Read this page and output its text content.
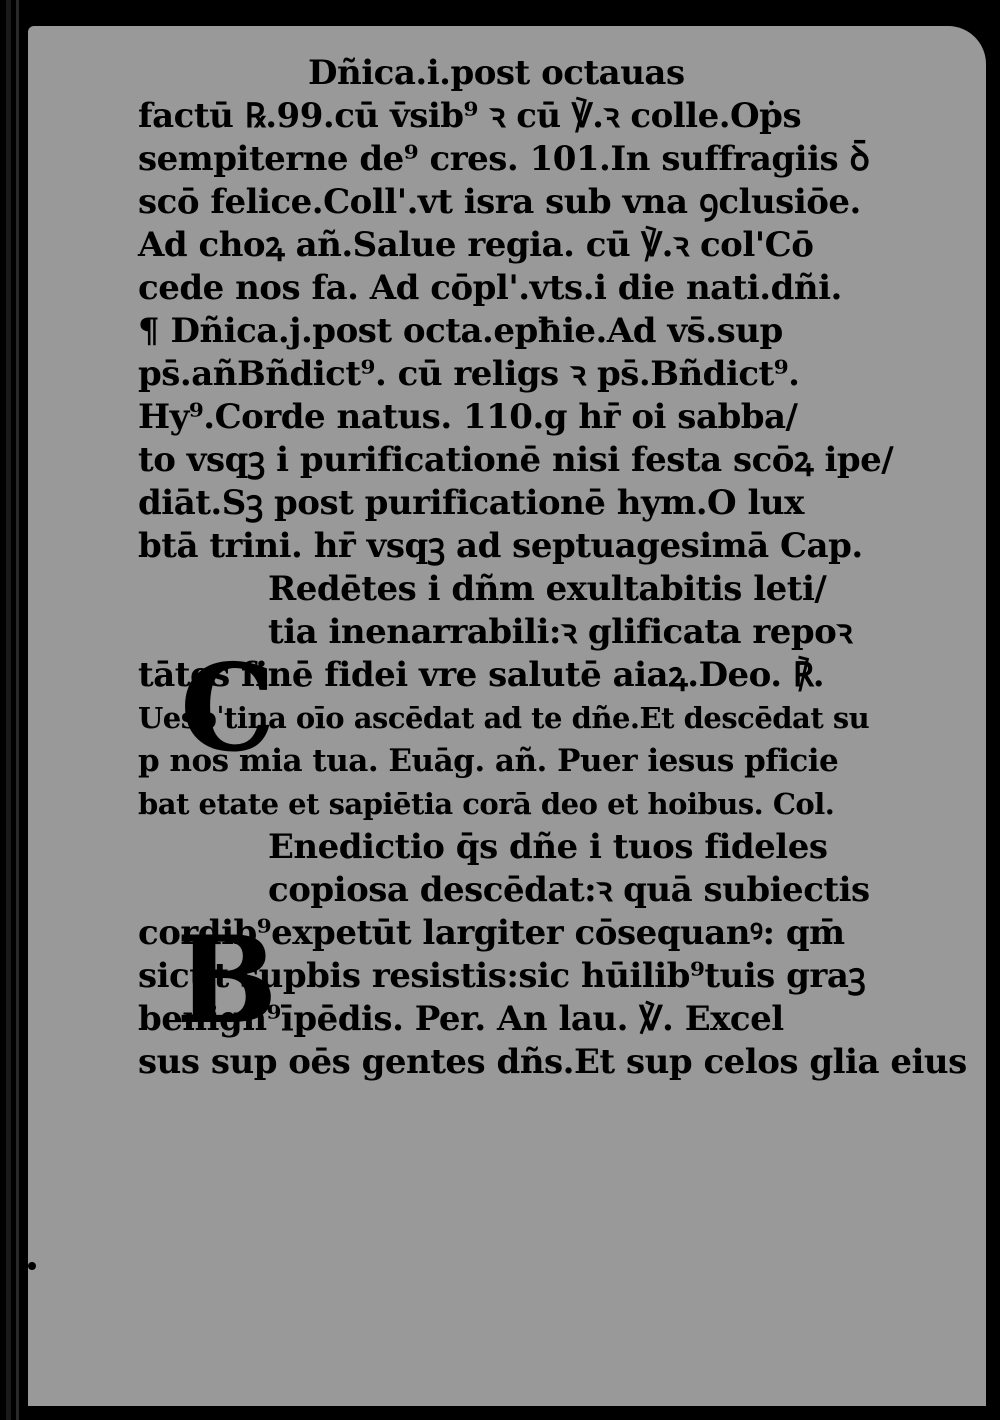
Dñica.i.post octauas
factū ℞.99.cū v̄sib⁹ ꝛ cū ℣.ꝛ colle.Oṗs
sempiterne de⁹ cres. 101.In suffragiis ꝺ̄
scō felice.Coll'.vt isra sub vna ꝯclusiōe.
Ad choꝝ añ.Salue regia. cū ℣.ꝛ col'Cō
cede nos fa. Ad cōpl'.vts.i die nati.dñi.
¶ Dñica.j.post octa.epħie.Ad vs̄.sup
ps̄.añBñdict⁹. cū religs ꝛ ps̄.Bñdict⁹.
Hy⁹.Corde natus. 110.g hr̄ oi sabba/
to vsqꝫ i purificationē nisi festa scōꝝ ipe/
diāt.Sꝫ post purificationē hym.O lux
btā trini. hr̄ vsqꝫ ad septuagesimā Cap.
Redētes i dñm exultabitis leti/
tia inenarrabili:ꝛ glificata repoꝛ
tātes finē fidei vre salutē aiaꝝ.Deo. ℟.
Uespˈtina oīo ascēdat ad te dñe.Et descēdat su
p nos mia tua. Euāg. añ. Puer iesus pficie
bat etate et sapiētia corā deo et hoibus. Col.
Enedictio q̄s dñe i tuos fideles
copiosa descēdat:ꝛ quā subiectis
cordib⁹expetūt largiter cōsequanꝰ: qm̄
sicut supbis resistis:sic hūilib⁹tuis graꝫ
benign⁹īpēdis. Per. An lau. ℣. Excel
sus sup oēs gentes dñs.Et sup celos glia eius
C
B
